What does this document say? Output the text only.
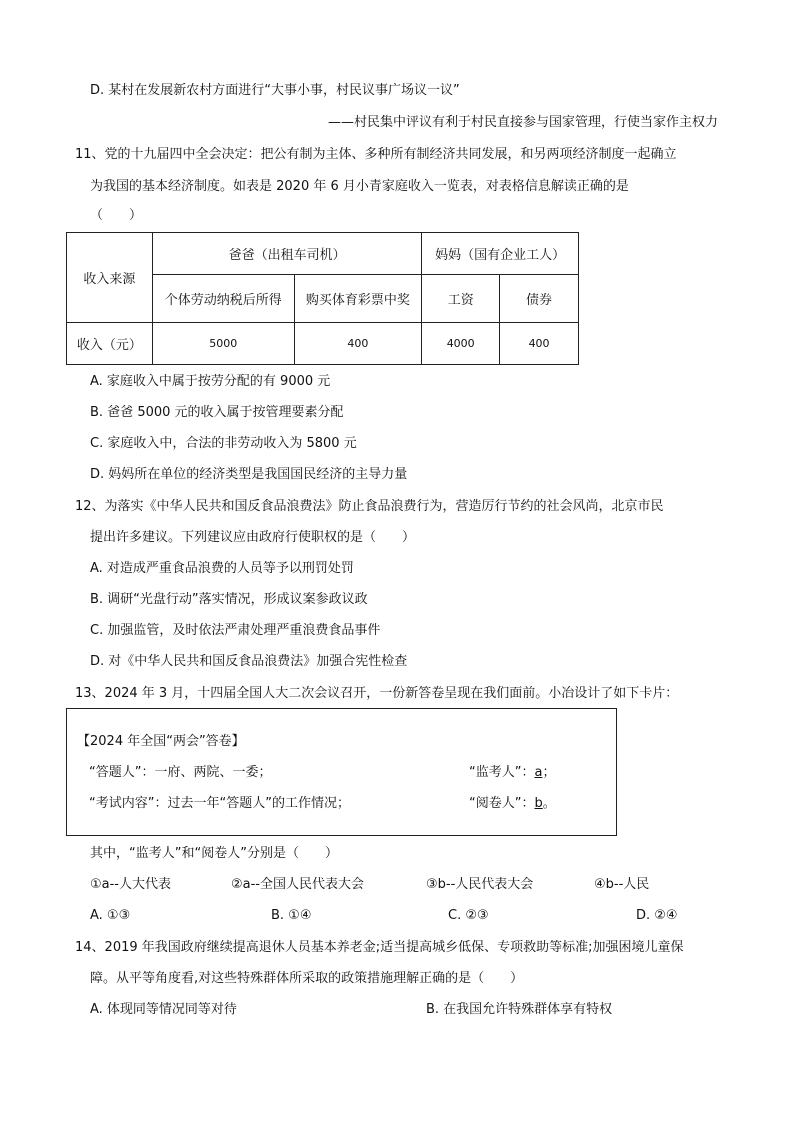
D. 某村在发展新农村方面进行“大事小事，村民议事广场议一议”
——村民集中评议有利于村民直接参与国家管理，行使当家作主权力
11、党的十九届四中全会决定：把公有制为主体、多种所有制经济共同发展，和另两项经济制度一起确立
为我国的基本经济制度。如表是 2020 年 6 月小青家庭收入一览表，对表格信息解读正确的是
（　　）
收入来源	爸爸（出租车司机）		妈妈（国有企业工人）	
	个体劳动纳税后所得	购买体育彩票中奖	工资	债券
收入（元）	5000	400	4000	400
A. 家庭收入中属于按劳分配的有 9000 元
B. 爸爸 5000 元的收入属于按管理要素分配
C. 家庭收入中，合法的非劳动收入为 5800 元
D. 妈妈所在单位的经济类型是我国国民经济的主导力量
12、为落实《中华人民共和国反食品浪费法》防止食品浪费行为，营造厉行节约的社会风尚，北京市民
提出许多建议。下列建议应由政府行使职权的是（　　）
A. 对造成严重食品浪费的人员等予以刑罚处罚
B. 调研“光盘行动”落实情况，形成议案参政议政
C. 加强监管，及时依法严肃处理严重浪费食品事件
D. 对《中华人民共和国反食品浪费法》加强合宪性检查
13、2024 年 3 月，十四届全国人大二次会议召开，一份新答卷呈现在我们面前。小冶设计了如下卡片：
【2024 年全国“两会”答卷】
“答题人”：一府、两院、一委；	“监考人”：a；
“考试内容”：过去一年“答题人”的工作情况；	“阅卷人”：b。
其中，“监考人”和“阅卷人”分别是（　　）
①a--人大代表	②a--全国人民代表大会	③b--人民代表大会	④b--人民
A. ①③	B. ①④	C. ②③	D. ②④
14、2019 年我国政府继续提高退休人员基本养老金;适当提高城乡低保、专项救助等标准;加强困境儿童保
障。从平等角度看,对这些特殊群体所采取的政策措施理解正确的是（　　）
A. 体现同等情况同等对待	B. 在我国允许特殊群体享有特权
